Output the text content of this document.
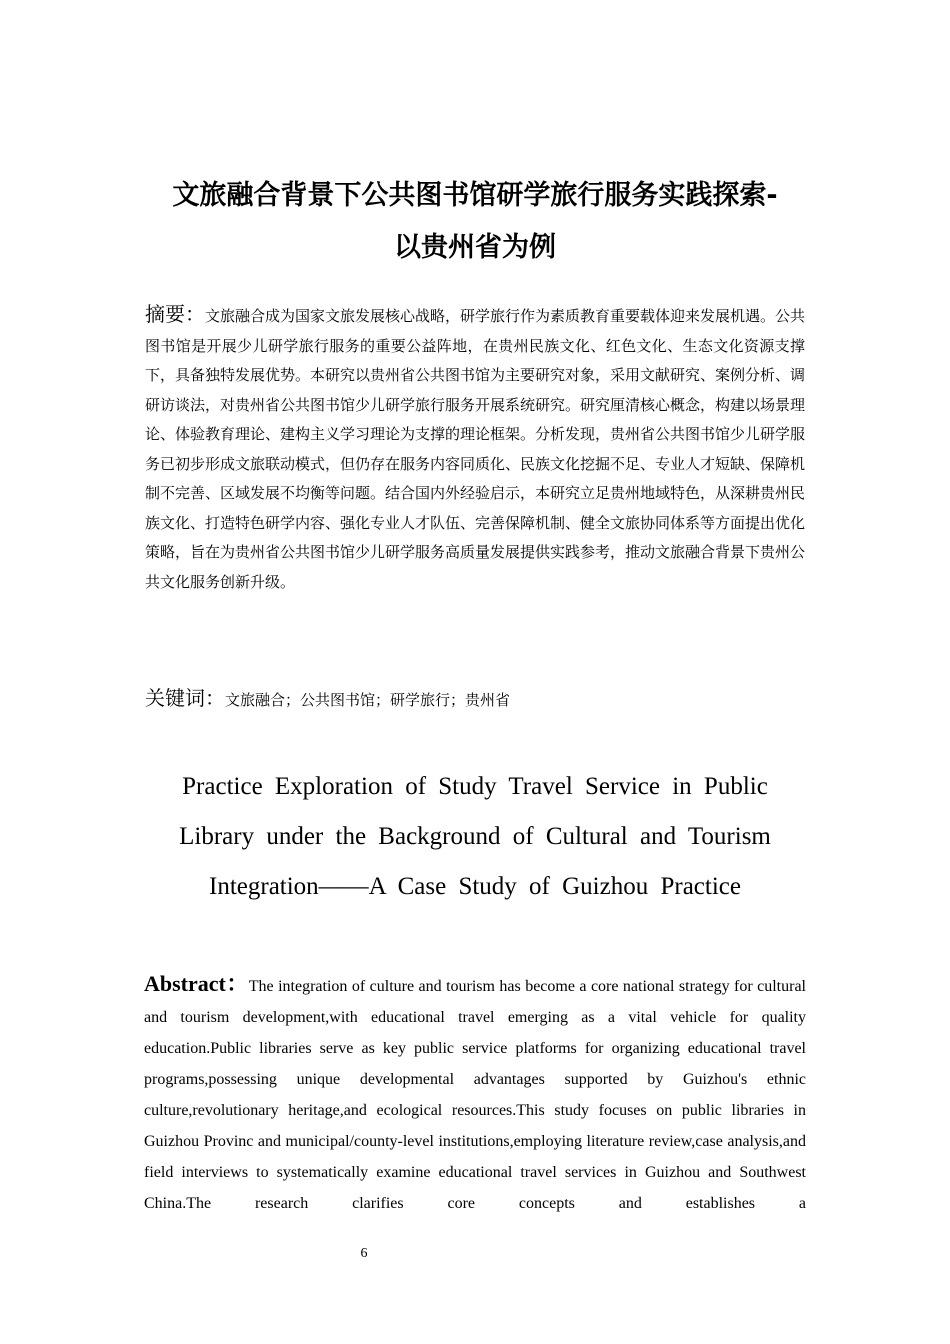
文旅融合背景下公共图书馆研学旅行服务实践探索-
以贵州省为例
摘要：文旅融合成为国家文旅发展核心战略，研学旅行作为素质教育重要载体迎来发展机遇。公共图书馆是开展少儿研学旅行服务的重要公益阵地，在贵州民族文化、红色文化、生态文化资源支撑下，具备独特发展优势。本研究以贵州省公共图书馆为主要研究对象，采用文献研究、案例分析、调研访谈法，对贵州省公共图书馆少儿研学旅行服务开展系统研究。研究厘清核心概念，构建以场景理论、体验教育理论、建构主义学习理论为支撑的理论框架。分析发现，贵州省公共图书馆少儿研学服务已初步形成文旅联动模式，但仍存在服务内容同质化、民族文化挖掘不足、专业人才短缺、保障机制不完善、区域发展不均衡等问题。结合国内外经验启示，本研究立足贵州地域特色，从深耕贵州民族文化、打造特色研学内容、强化专业人才队伍、完善保障机制、健全文旅协同体系等方面提出优化策略，旨在为贵州省公共图书馆少儿研学服务高质量发展提供实践参考，推动文旅融合背景下贵州公共文化服务创新升级。
关键词：文旅融合；公共图书馆；研学旅行；贵州省
Practice Exploration of Study Travel Service in Public
Library under the Background of Cultural and Tourism
Integration——A Case Study of Guizhou Practice
Abstract：The integration of culture and tourism has become a core national strategy for cultural and tourism development,with educational travel emerging as a vital vehicle for quality education.Public libraries serve as key public service platforms for organizing educational travel programs,possessing unique developmental advantages supported by Guizhou's ethnic culture,revolutionary heritage,and ecological resources.This study focuses on public libraries in Guizhou Provinc and municipal/county-level institutions,employing literature review,case analysis,and field interviews to systematically examine educational travel services in Guizhou and Southwest China.The research clarifies core concepts and establishes a
6
